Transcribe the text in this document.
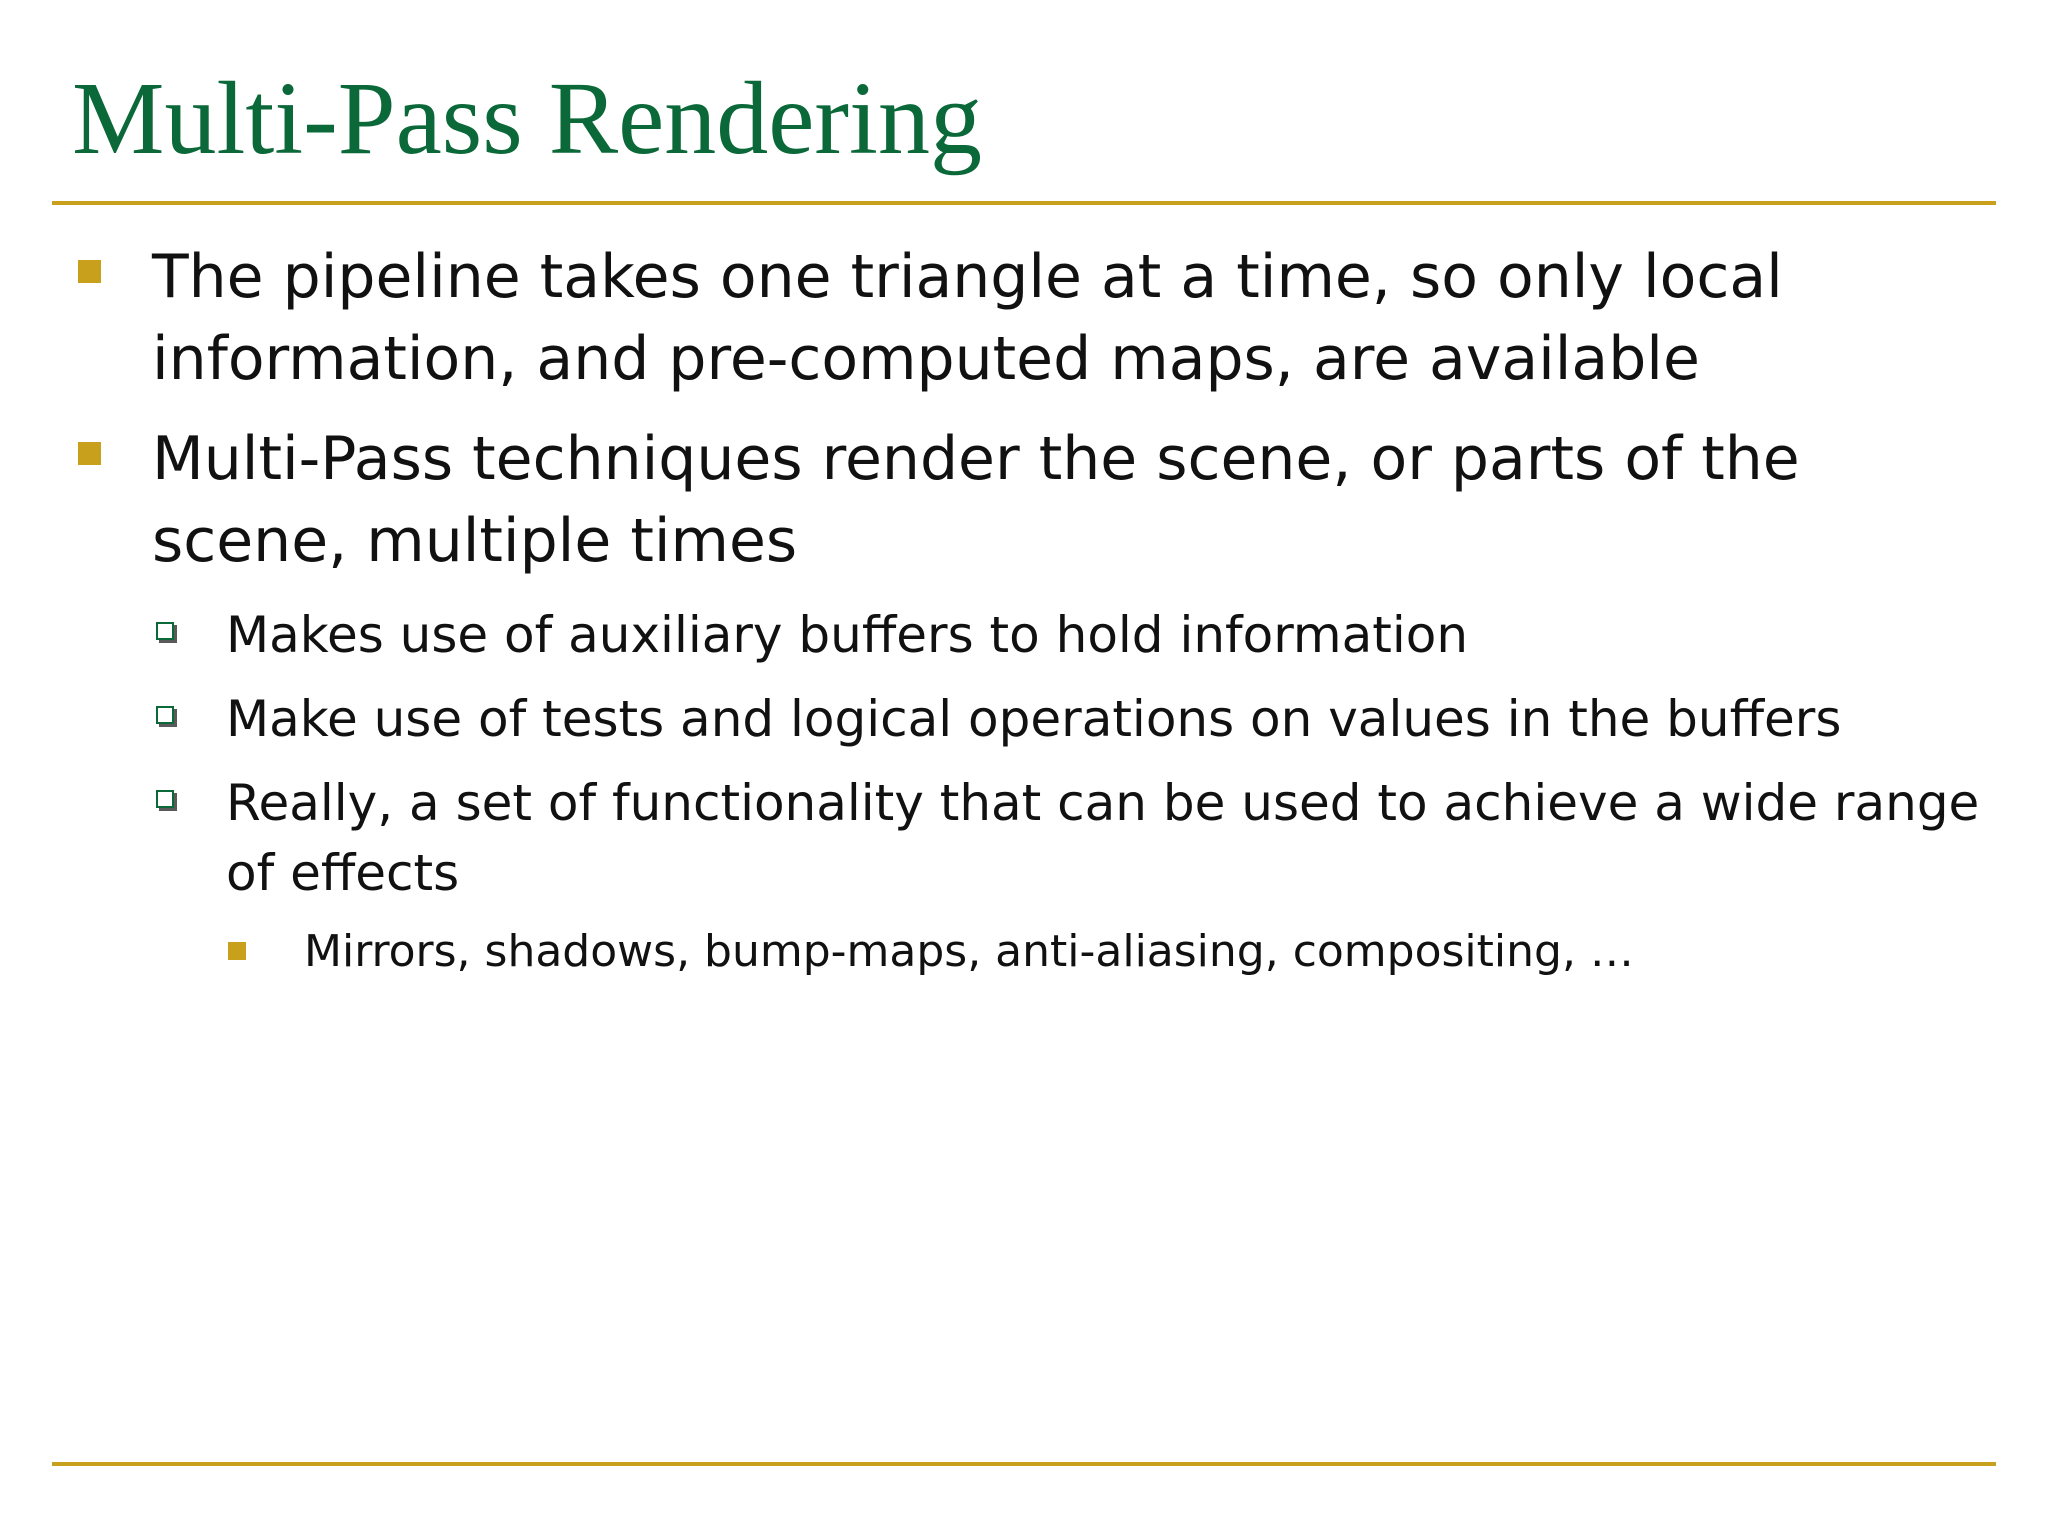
Multi-Pass Rendering
The pipeline takes one triangle at a time, so only local information, and pre-computed maps, are available
Multi-Pass techniques render the scene, or parts of the scene, multiple times
Makes use of auxiliary buffers to hold information
Make use of tests and logical operations on values in the buffers
Really, a set of functionality that can be used to achieve a wide range of effects
Mirrors, shadows, bump-maps, anti-aliasing, compositing, …
